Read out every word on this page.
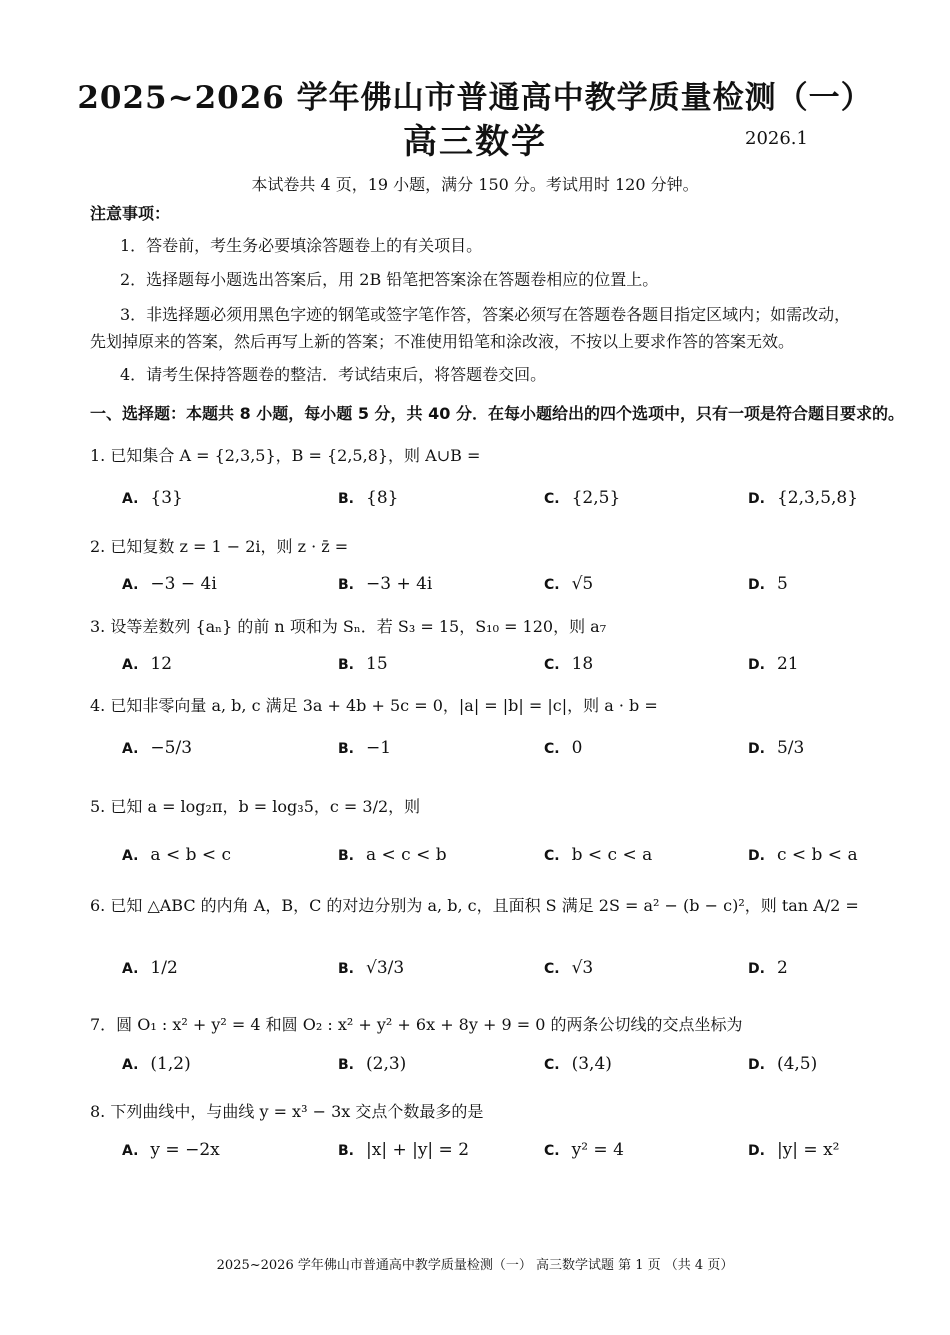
2025~2026 学年佛山市普通高中教学质量检测（一）
高三数学	2026.1
本试卷共 4 页，19 小题，满分 150 分。考试用时 120 分钟。
注意事项：
1．答卷前，考生务必要填涂答题卷上的有关项目。
2．选择题每小题选出答案后，用 2B 铅笔把答案涂在答题卷相应的位置上。
3．非选择题必须用黑色字迹的钢笔或签字笔作答，答案必须写在答题卷各题目指定区域内；如需改动，
先划掉原来的答案，然后再写上新的答案；不准使用铅笔和涂改液，不按以上要求作答的答案无效。
4．请考生保持答题卷的整洁．考试结束后，将答题卷交回。
一、选择题：本题共 8 小题，每小题 5 分，共 40 分．在每小题给出的四个选项中，只有一项是符合题目要求的。
1. 已知集合 A = {2,3,5}，B = {2,5,8}，则 A∪B =
A. {3}	B. {8}	C. {2,5}	D. {2,3,5,8}
2. 已知复数 z = 1 − 2i，则 z · z̄ =
A. −3 − 4i	B. −3 + 4i	C. √5	D. 5
3. 设等差数列 {aₙ} 的前 n 项和为 Sₙ．若 S₃ = 15，S₁₀ = 120，则 a₇
A. 12	B. 15	C. 18	D. 21
4. 已知非零向量 a, b, c 满足 3a + 4b + 5c = 0，|a| = |b| = |c|，则 a · b =
A. −5/3	B. −1	C. 0	D. 5/3
5. 已知 a = log₂π，b = log₃5，c = 3/2，则
A. a < b < c	B. a < c < b	C. b < c < a	D. c < b < a
6. 已知 △ABC 的内角 A，B，C 的对边分别为 a, b, c，且面积 S 满足 2S = a² − (b − c)²，则 tan A/2 =
A. 1/2	B. √3/3	C. √3	D. 2
7．圆 O₁ : x² + y² = 4 和圆 O₂ : x² + y² + 6x + 8y + 9 = 0 的两条公切线的交点坐标为
A. (1,2)	B. (2,3)	C. (3,4)	D. (4,5)
8. 下列曲线中，与曲线 y = x³ − 3x 交点个数最多的是
A. y = −2x	B. |x| + |y| = 2	C. y² = 4	D. |y| = x²
2025~2026 学年佛山市普通高中教学质量检测（一） 高三数学试题 第 1 页 （共 4 页）
